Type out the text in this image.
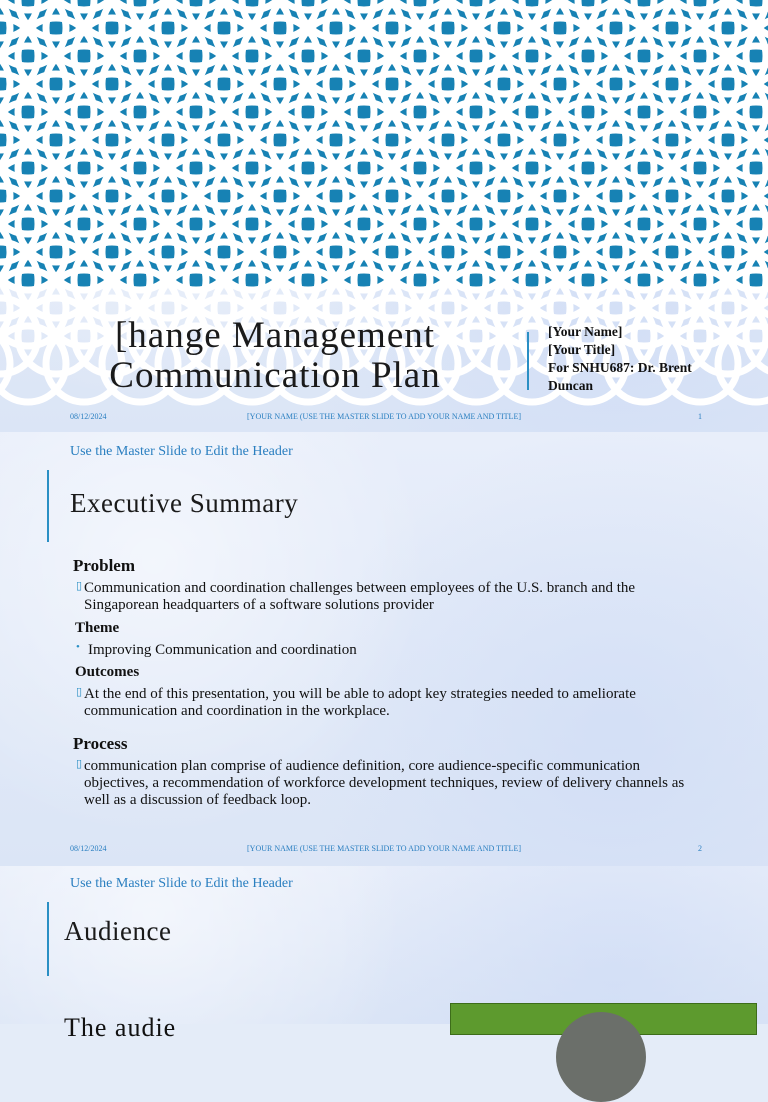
[hange Management
Communication Plan
[Your Name]
[Your Title]
For SNHU687: Dr. Brent
Duncan
08/12/2024	[YOUR NAME (USE THE MASTER SLIDE TO ADD YOUR NAME AND TITLE]	1
Use the Master Slide to Edit the Header
Executive Summary
Problem
▯ Communication and coordination challenges between employees of the U.S. branch and the
Singaporean headquarters of a software solutions provider
Theme
• Improving Communication and coordination
Outcomes
▯ At the end of this presentation, you will be able to adopt key strategies needed to ameliorate
communication and coordination in the workplace.
Process
▯ communication plan comprise of audience definition, core audience-specific communication
objectives, a recommendation of workforce development techniques, review of delivery channels as
well as a discussion of feedback loop.
08/12/2024	[YOUR NAME (USE THE MASTER SLIDE TO ADD YOUR NAME AND TITLE]	2
Use the Master Slide to Edit the Header
Audience
The audie
